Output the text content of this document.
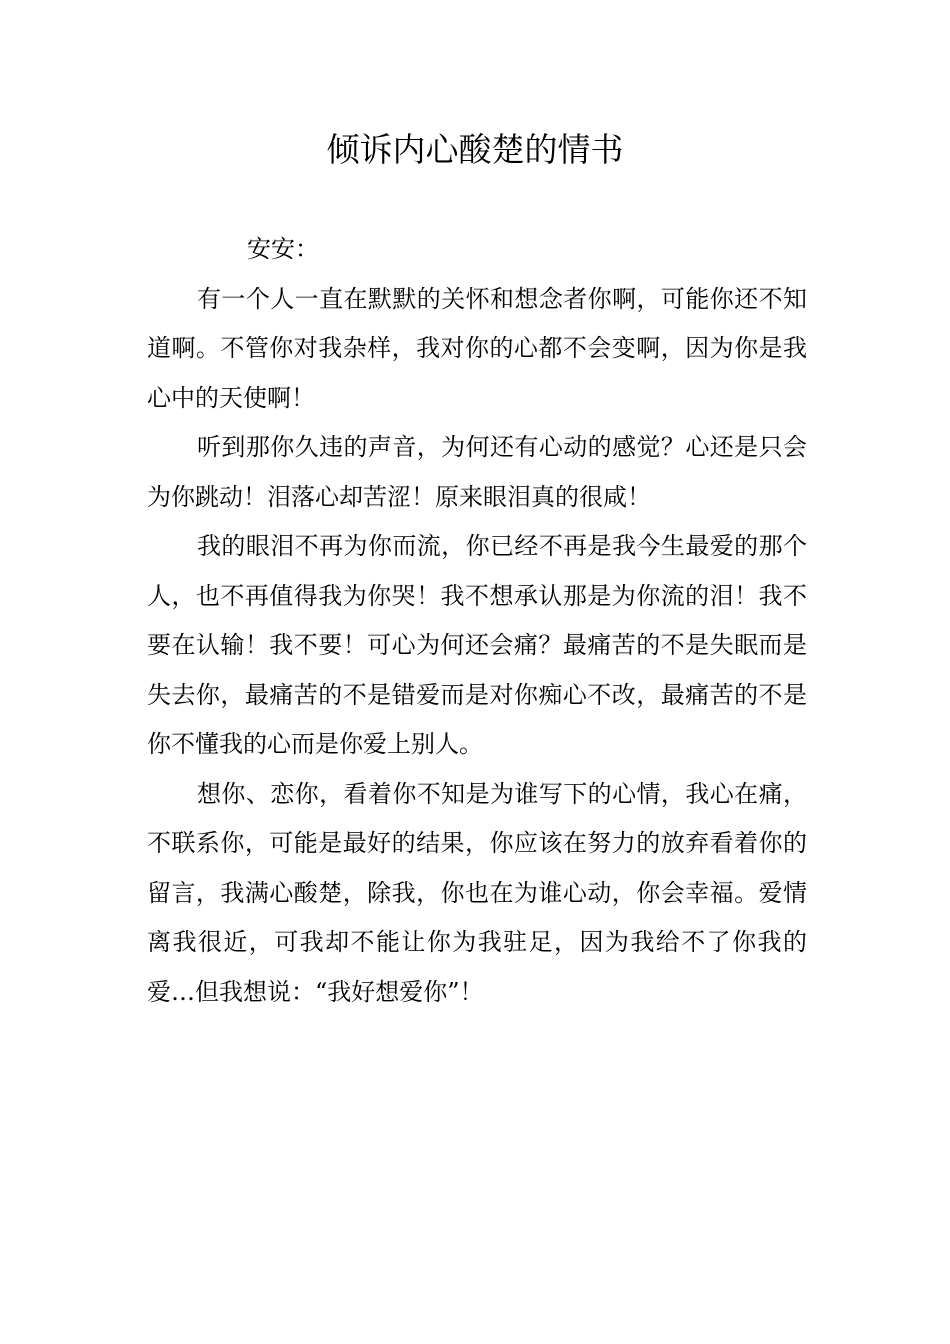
倾诉内心酸楚的情书

安安：

有一个人一直在默默的关怀和想念者你啊，可能你还不知道啊。不管你对我杂样，我对你的心都不会变啊，因为你是我心中的天使啊！

听到那你久违的声音，为何还有心动的感觉？心还是只会为你跳动！泪落心却苦涩！原来眼泪真的很咸！

我的眼泪不再为你而流，你已经不再是我今生最爱的那个人，也不再值得我为你哭！我不想承认那是为你流的泪！我不要在认输！我不要！可心为何还会痛？最痛苦的不是失眠而是失去你，最痛苦的不是错爱而是对你痴心不改，最痛苦的不是你不懂我的心而是你爱上别人。

想你、恋你，看着你不知是为谁写下的心情，我心在痛，不联系你，可能是最好的结果，你应该在努力的放弃看着你的留言，我满心酸楚，除我，你也在为谁心动，你会幸福。爱情离我很近，可我却不能让你为我驻足，因为我给不了你我的爱…但我想说：“我好想爱你”！
